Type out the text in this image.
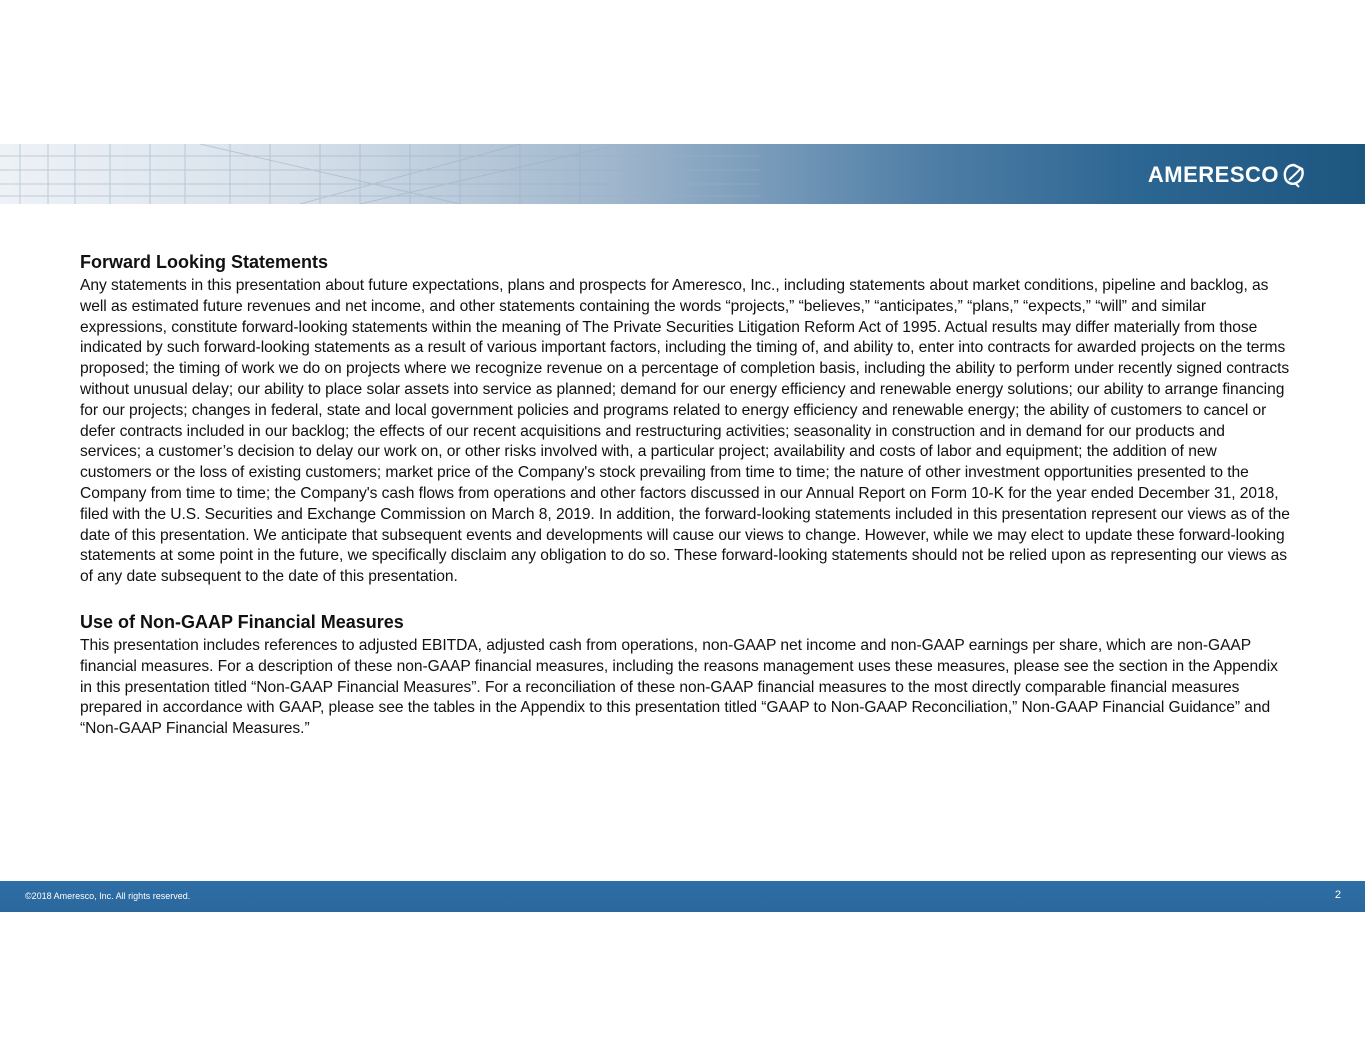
AMERESCO
Forward Looking Statements

Any statements in this presentation about future expectations, plans and prospects for Ameresco, Inc., including statements about market conditions, pipeline and backlog, as well as estimated future revenues and net income, and other statements containing the words “projects,” “believes,” “anticipates,” “plans,” “expects,” “will” and similar expressions, constitute forward-looking statements within the meaning of The Private Securities Litigation Reform Act of 1995. Actual results may differ materially from those indicated by such forward-looking statements as a result of various important factors, including the timing of, and ability to, enter into contracts for awarded projects on the terms proposed; the timing of work we do on projects where we recognize revenue on a percentage of completion basis, including the ability to perform under recently signed contracts without unusual delay; our ability to place solar assets into service as planned; demand for our energy efficiency and renewable energy solutions; our ability to arrange financing for our projects; changes in federal, state and local government policies and programs related to energy efficiency and renewable energy; the ability of customers to cancel or defer contracts included in our backlog; the effects of our recent acquisitions and restructuring activities; seasonality in construction and in demand for our products and services; a customer’s decision to delay our work on, or other risks involved with, a particular project; availability and costs of labor and equipment; the addition of new customers or the loss of existing customers; market price of the Company's stock prevailing from time to time; the nature of other investment opportunities presented to the Company from time to time; the Company's cash flows from operations and other factors discussed in our Annual Report on Form 10-K for the year ended December 31, 2018, filed with the U.S. Securities and Exchange Commission on March 8, 2019. In addition, the forward-looking statements included in this presentation represent our views as of the date of this presentation. We anticipate that subsequent events and developments will cause our views to change. However, while we may elect to update these forward-looking statements at some point in the future, we specifically disclaim any obligation to do so. These forward-looking statements should not be relied upon as representing our views as of any date subsequent to the date of this presentation.

Use of Non-GAAP Financial Measures

This presentation includes references to adjusted EBITDA, adjusted cash from operations, non-GAAP net income and non-GAAP earnings per share, which are non-GAAP financial measures. For a description of these non-GAAP financial measures, including the reasons management uses these measures, please see the section in the Appendix in this presentation titled “Non-GAAP Financial Measures”. For a reconciliation of these non-GAAP financial measures to the most directly comparable financial measures prepared in accordance with GAAP, please see the tables in the Appendix to this presentation titled “GAAP to Non-GAAP Reconciliation,” Non-GAAP Financial Guidance” and “Non-GAAP Financial Measures.”

©2018 Ameresco, Inc. All rights reserved.	2
